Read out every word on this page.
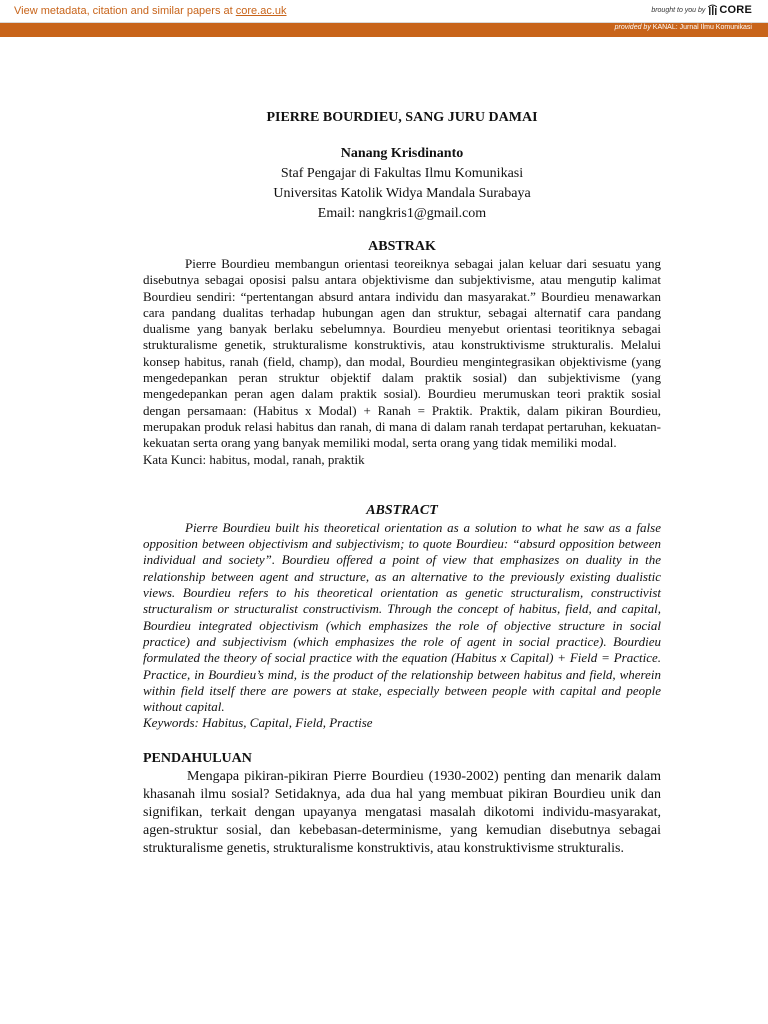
View metadata, citation and similar papers at core.ac.uk	brought to you by CORE
provided by KANAL: Jurnal Ilmu Komunikasi
PIERRE BOURDIEU, SANG JURU DAMAI
Nanang Krisdinanto
Staf Pengajar di Fakultas Ilmu Komunikasi
Universitas Katolik Widya Mandala Surabaya
Email: nangkris1@gmail.com
ABSTRAK

Pierre Bourdieu membangun orientasi teoreiknya sebagai jalan keluar dari sesuatu yang disebutnya sebagai oposisi palsu antara objektivisme dan subjektivisme, atau mengutip kalimat Bourdieu sendiri: “pertentangan absurd antara individu dan masyarakat.” Bourdieu menawarkan cara pandang dualitas terhadap hubungan agen dan struktur, sebagai alternatif cara pandang dualisme yang banyak berlaku sebelumnya. Bourdieu menyebut orientasi teoritiknya sebagai strukturalisme genetik, strukturalisme konstruktivis, atau konstruktivisme strukturalis. Melalui konsep habitus, ranah (field, champ), dan modal, Bourdieu mengintegrasikan objektivisme (yang mengedepankan peran struktur objektif dalam praktik sosial) dan subjektivisme (yang mengedepankan peran agen dalam praktik sosial). Bourdieu merumuskan teori praktik sosial dengan persamaan: (Habitus x Modal) + Ranah = Praktik. Praktik, dalam pikiran Bourdieu, merupakan produk relasi habitus dan ranah, di mana di dalam ranah terdapat pertaruhan, kekuatan-kekuatan serta orang yang banyak memiliki modal, serta orang yang tidak memiliki modal.

Kata Kunci: habitus, modal, ranah, praktik

ABSTRACT

Pierre Bourdieu built his theoretical orientation as a solution to what he saw as a false opposition between objectivism and subjectivism; to quote Bourdieu: “absurd opposition between individual and society”. Bourdieu offered a point of view that emphasizes on duality in the relationship between agent and structure, as an alternative to the previously existing dualistic views. Bourdieu refers to his theoretical orientation as genetic structuralism, constructivist structuralism or structuralist constructivism. Through the concept of habitus, field, and capital, Bourdieu integrated objectivism (which emphasizes the role of objective structure in social practice) and subjectivism (which emphasizes the role of agent in social practice). Bourdieu formulated the theory of social practice with the equation (Habitus x Capital) + Field = Practice. Practice, in Bourdieu’s mind, is the product of the relationship between habitus and field, wherein within field itself there are powers at stake, especially between people with capital and people without capital.

Keywords: Habitus, Capital, Field, Practise

PENDAHULUAN

Mengapa pikiran-pikiran Pierre Bourdieu (1930-2002) penting dan menarik dalam khasanah ilmu sosial? Setidaknya, ada dua hal yang membuat pikiran Bourdieu unik dan signifikan, terkait dengan upayanya mengatasi masalah dikotomi individu-masyarakat, agen-struktur sosial, dan kebebasan-determinisme, yang kemudian disebutnya sebagai strukturalisme genetis, strukturalisme konstruktivis, atau konstruktivisme strukturalis.
